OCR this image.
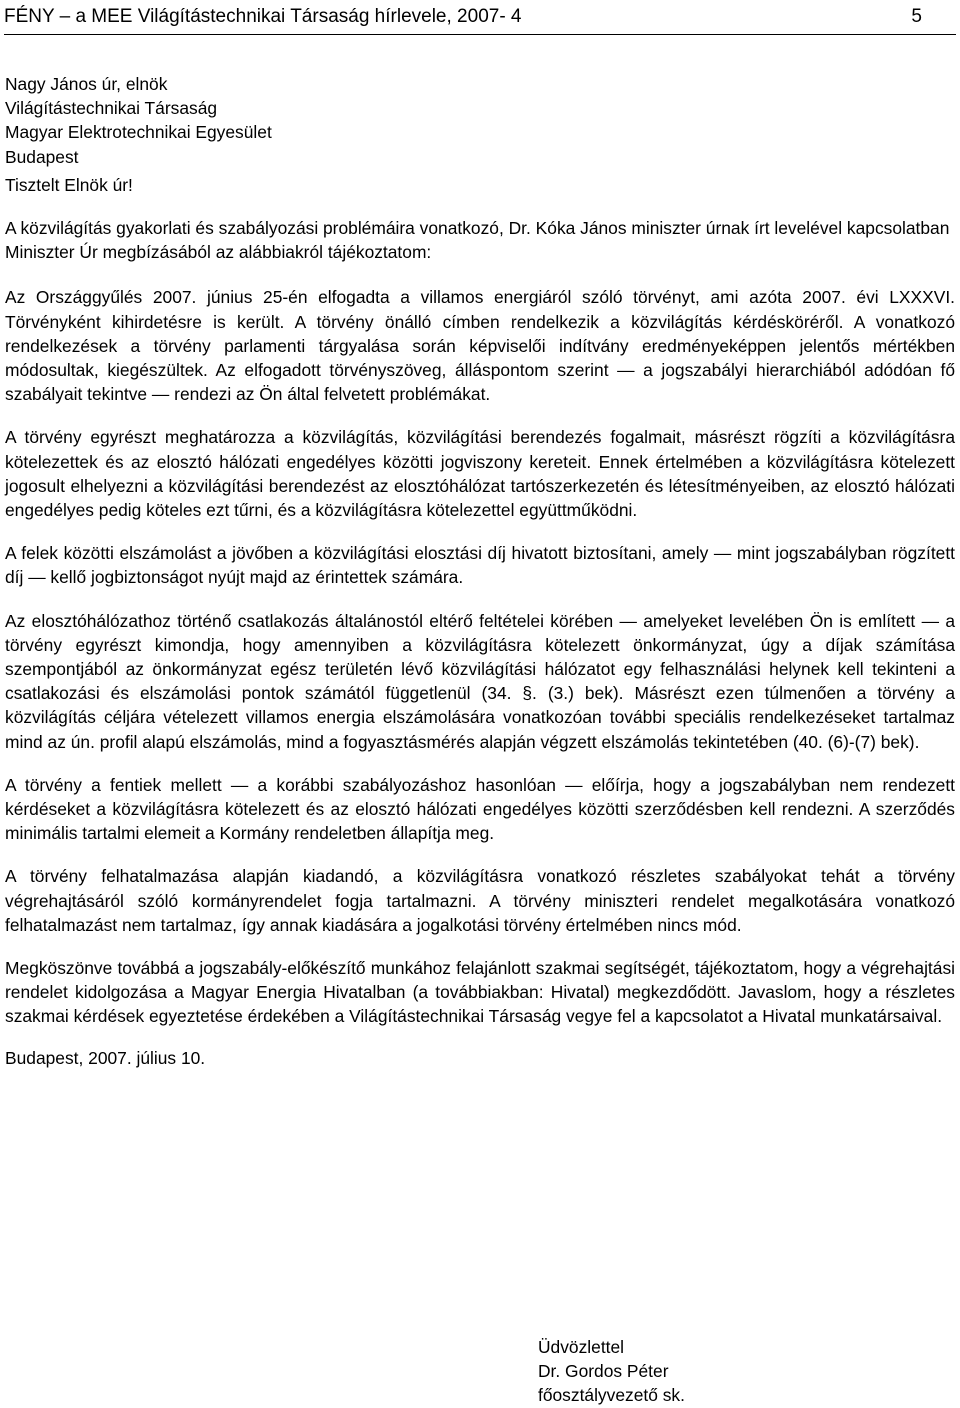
FÉNY – a MEE Világítástechnikai Társaság hírlevele, 2007- 4	5
Nagy János úr, elnök
Világítástechnikai Társaság
Magyar Elektrotechnikai Egyesület
Budapest

Tisztelt Elnök úr!

A közvilágítás gyakorlati és szabályozási problémáira vonatkozó, Dr. Kóka János miniszter úrnak írt levelével kapcsolatban Miniszter Úr megbízásából az alábbiakról tájékoztatom:

Az Országgyűlés 2007. június 25-én elfogadta a villamos energiáról szóló törvényt, ami azóta 2007. évi LXXXVI. Törvényként kihirdetésre is került. A törvény önálló címben rendelkezik a közvilágítás kérdésköréről. A vonatkozó rendelkezések a törvény parlamenti tárgyalása során képviselői indítvány eredményeképpen jelentős mértékben módosultak, kiegészültek. Az elfogadott törvényszöveg, álláspontom szerint — a jogszabályi hierarchiából adódóan fő szabályait tekintve — rendezi az Ön által felvetett problémákat.

A törvény egyrészt meghatározza a közvilágítás, közvilágítási berendezés fogalmait, másrészt rögzíti a közvilágításra kötelezettek és az elosztó hálózati engedélyes közötti jogviszony kereteit. Ennek értelmében a közvilágításra kötelezett jogosult elhelyezni a közvilágítási berendezést az elosztóhálózat tartószerkezetén és létesítményeiben, az elosztó hálózati engedélyes pedig köteles ezt tűrni, és a közvilágításra kötelezettel együttműködni.

A felek közötti elszámolást a jövőben a közvilágítási elosztási díj hivatott biztosítani, amely — mint jogszabályban rögzített díj — kellő jogbiztonságot nyújt majd az érintettek számára.

Az elosztóhálózathoz történő csatlakozás általánostól eltérő feltételei körében — amelyeket levelében Ön is említett — a törvény egyrészt kimondja, hogy amennyiben a közvilágításra kötelezett önkormányzat, úgy a díjak számítása szempontjából az önkormányzat egész területén lévő közvilágítási hálózatot egy felhasználási helynek kell tekinteni a csatlakozási és elszámolási pontok számától függetlenül (34. §. (3.) bek). Másrészt ezen túlmenően a törvény a közvilágítás céljára vételezett villamos energia elszámolására vonatkozóan további speciális rendelkezéseket tartalmaz mind az ún. profil alapú elszámolás, mind a fogyasztásmérés alapján végzett elszámolás tekintetében (40. (6)-(7) bek).

A törvény a fentiek mellett — a korábbi szabályozáshoz hasonlóan — előírja, hogy a jogszabályban nem rendezett kérdéseket a közvilágításra kötelezett és az elosztó hálózati engedélyes közötti szerződésben kell rendezni. A szerződés minimális tartalmi elemeit a Kormány rendeletben állapítja meg.

A törvény felhatalmazása alapján kiadandó, a közvilágításra vonatkozó részletes szabályokat tehát a törvény végrehajtásáról szóló kormányrendelet fogja tartalmazni. A törvény miniszteri rendelet megalkotására vonatkozó felhatalmazást nem tartalmaz, így annak kiadására a jogalkotási törvény értelmében nincs mód.

Megköszönve továbbá a jogszabály-előkészítő munkához felajánlott szakmai segítségét, tájékoztatom, hogy a végrehajtási rendelet kidolgozása a Magyar Energia Hivatalban (a továbbiakban: Hivatal) megkezdődött. Javaslom, hogy a részletes szakmai kérdések egyeztetése érdekében a Világítástechnikai Társaság vegye fel a kapcsolatot a Hivatal munkatársaival.

Budapest, 2007. július 10.

Üdvözlettel
Dr. Gordos Péter
főosztályvezető sk.
